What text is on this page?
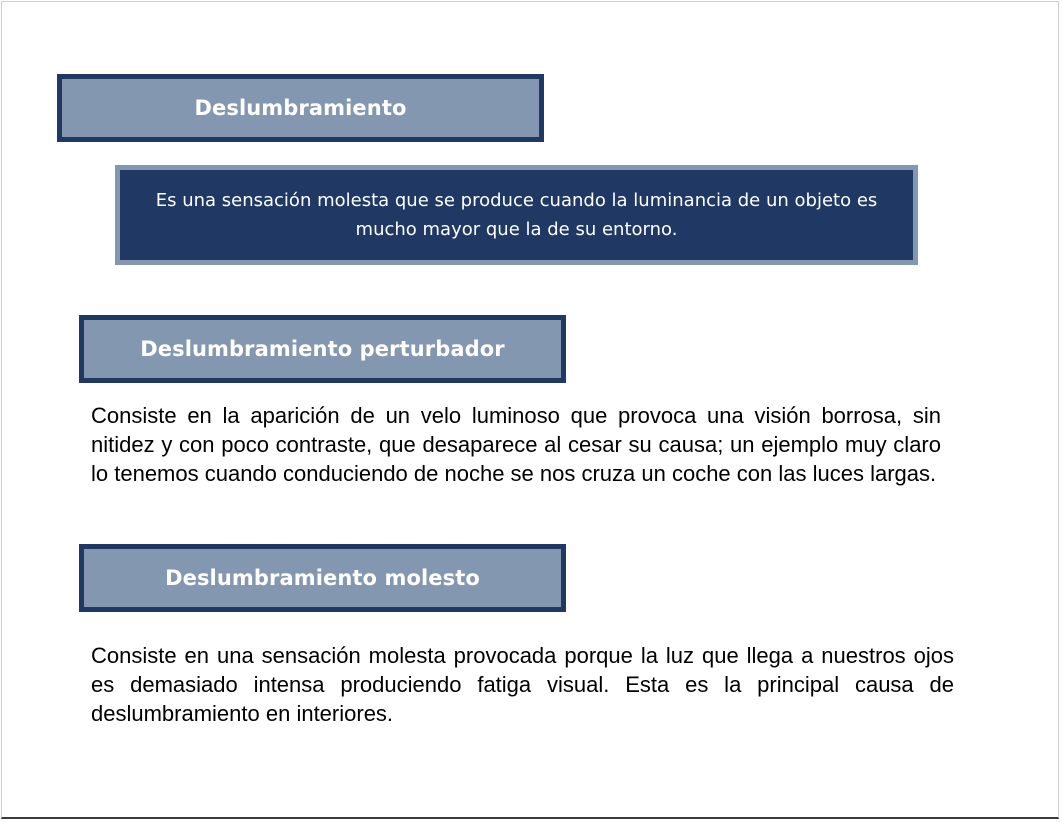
Deslumbramiento
Es una sensación molesta que se produce cuando la luminancia de un objeto es mucho mayor que la de su entorno.
Deslumbramiento perturbador

Consiste en la aparición de un velo luminoso que provoca una visión borrosa, sin nitidez y con poco contraste, que desaparece al cesar su causa; un ejemplo muy claro lo tenemos cuando conduciendo de noche se nos cruza un coche con las luces largas.

Deslumbramiento molesto

Consiste en una sensación molesta provocada porque la luz que llega a nuestros ojos es demasiado intensa produciendo fatiga visual. Esta es la principal causa de deslumbramiento en interiores.
